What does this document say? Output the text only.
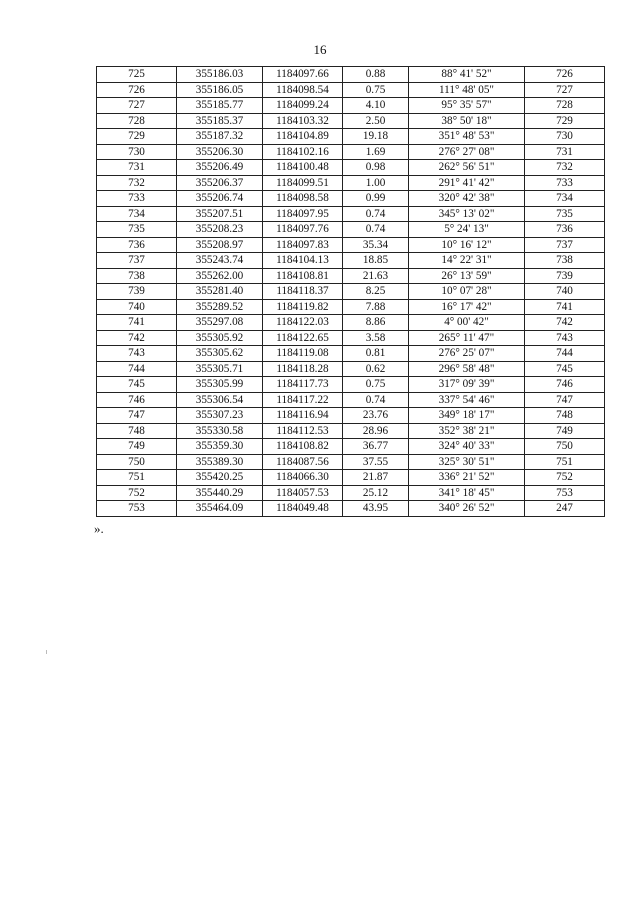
16
725	355186.03	1184097.66	0.88	88° 41' 52"	726
726	355186.05	1184098.54	0.75	111° 48' 05"	727
727	355185.77	1184099.24	4.10	95° 35' 57"	728
728	355185.37	1184103.32	2.50	38° 50' 18"	729
729	355187.32	1184104.89	19.18	351° 48' 53"	730
730	355206.30	1184102.16	1.69	276° 27' 08"	731
731	355206.49	1184100.48	0.98	262° 56' 51"	732
732	355206.37	1184099.51	1.00	291° 41' 42"	733
733	355206.74	1184098.58	0.99	320° 42' 38"	734
734	355207.51	1184097.95	0.74	345° 13' 02"	735
735	355208.23	1184097.76	0.74	5° 24' 13"	736
736	355208.97	1184097.83	35.34	10° 16' 12"	737
737	355243.74	1184104.13	18.85	14° 22' 31"	738
738	355262.00	1184108.81	21.63	26° 13' 59"	739
739	355281.40	1184118.37	8.25	10° 07' 28"	740
740	355289.52	1184119.82	7.88	16° 17' 42"	741
741	355297.08	1184122.03	8.86	4° 00' 42"	742
742	355305.92	1184122.65	3.58	265° 11' 47"	743
743	355305.62	1184119.08	0.81	276° 25' 07"	744
744	355305.71	1184118.28	0.62	296° 58' 48"	745
745	355305.99	1184117.73	0.75	317° 09' 39"	746
746	355306.54	1184117.22	0.74	337° 54' 46"	747
747	355307.23	1184116.94	23.76	349° 18' 17"	748
748	355330.58	1184112.53	28.96	352° 38' 21"	749
749	355359.30	1184108.82	36.77	324° 40' 33"	750
750	355389.30	1184087.56	37.55	325° 30' 51"	751
751	355420.25	1184066.30	21.87	336° 21' 52"	752
752	355440.29	1184057.53	25.12	341° 18' 45"	753
753	355464.09	1184049.48	43.95	340° 26' 52"	247
».
